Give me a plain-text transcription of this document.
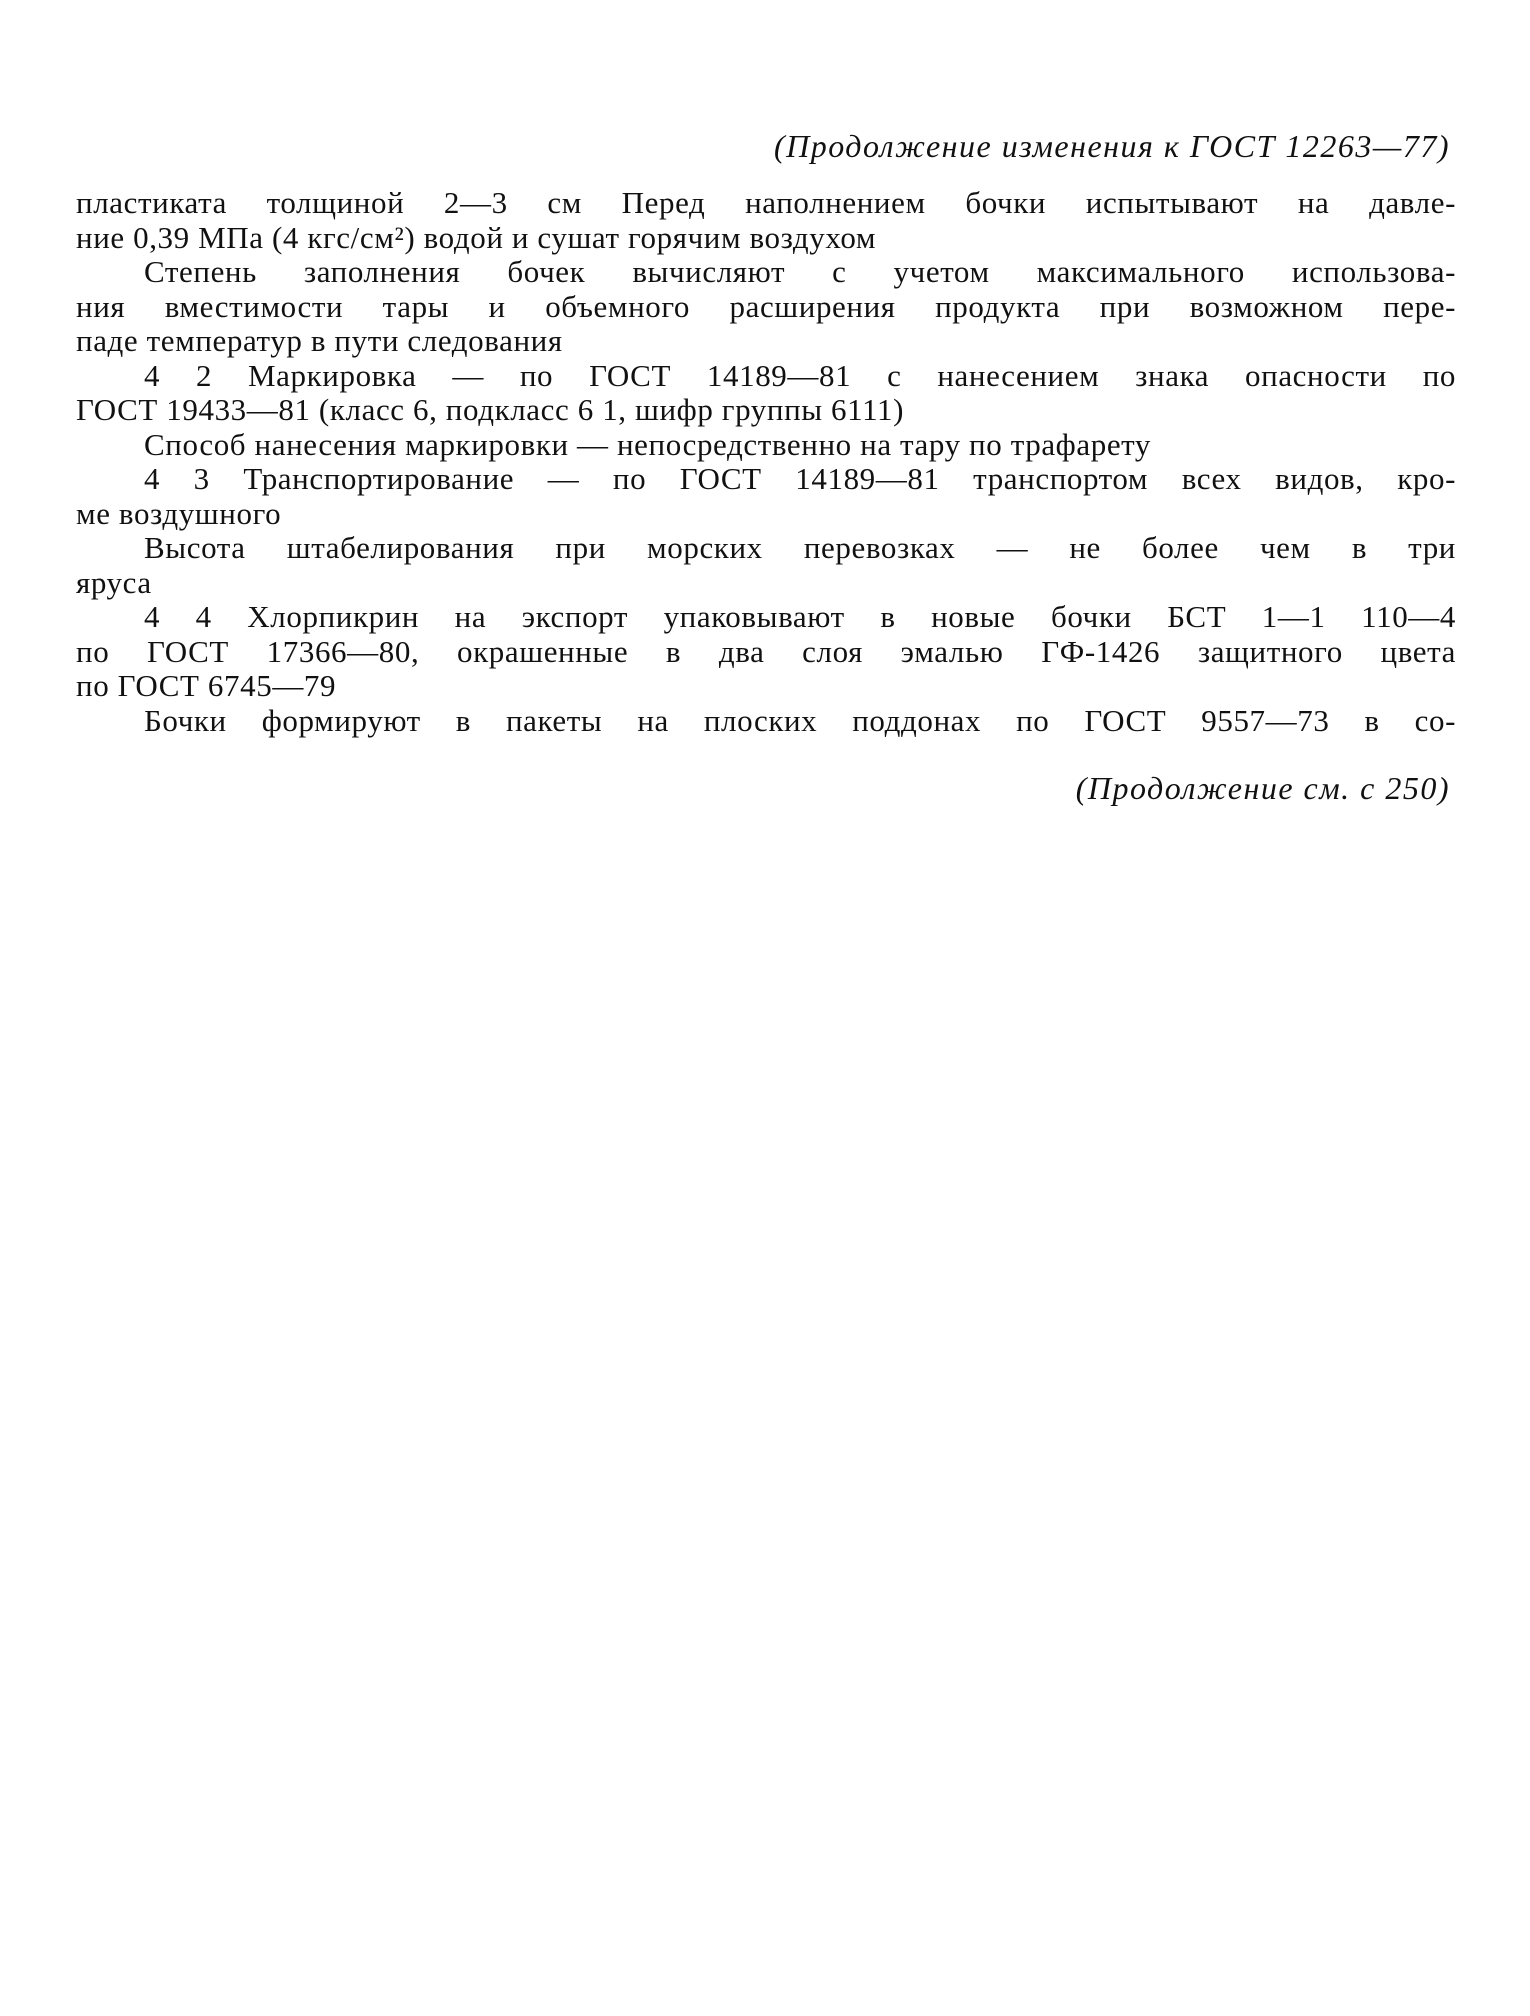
(Продолжение изменения к ГОСТ 12263—77)
пластиката толщиной 2—3 см Перед наполнением бочки испытывают на давле-
ние 0,39 МПа (4 кгс/см²) водой и сушат горячим воздухом
Степень заполнения бочек вычисляют с учетом максимального использова-
ния вместимости тары и объемного расширения продукта при возможном пере-
паде температур в пути следования
4 2 Маркировка — по ГОСТ 14189—81 с нанесением знака опасности по
ГОСТ 19433—81 (класс 6, подкласс 6 1, шифр группы 6111)
Способ нанесения маркировки — непосредственно на тару по трафарету
4 3 Транспортирование — по ГОСТ 14189—81 транспортом всех видов, кро-
ме воздушного
Высота штабелирования при морских перевозках — не более чем в три
яруса
4 4 Хлорпикрин на экспорт упаковывают в новые бочки БСТ 1—1 110—4
по ГОСТ 17366—80, окрашенные в два слоя эмалью ГФ-1426 защитного цвета
по ГОСТ 6745—79
Бочки формируют в пакеты на плоских поддонах по ГОСТ 9557—73 в со-
(Продолжение см. с 250)
